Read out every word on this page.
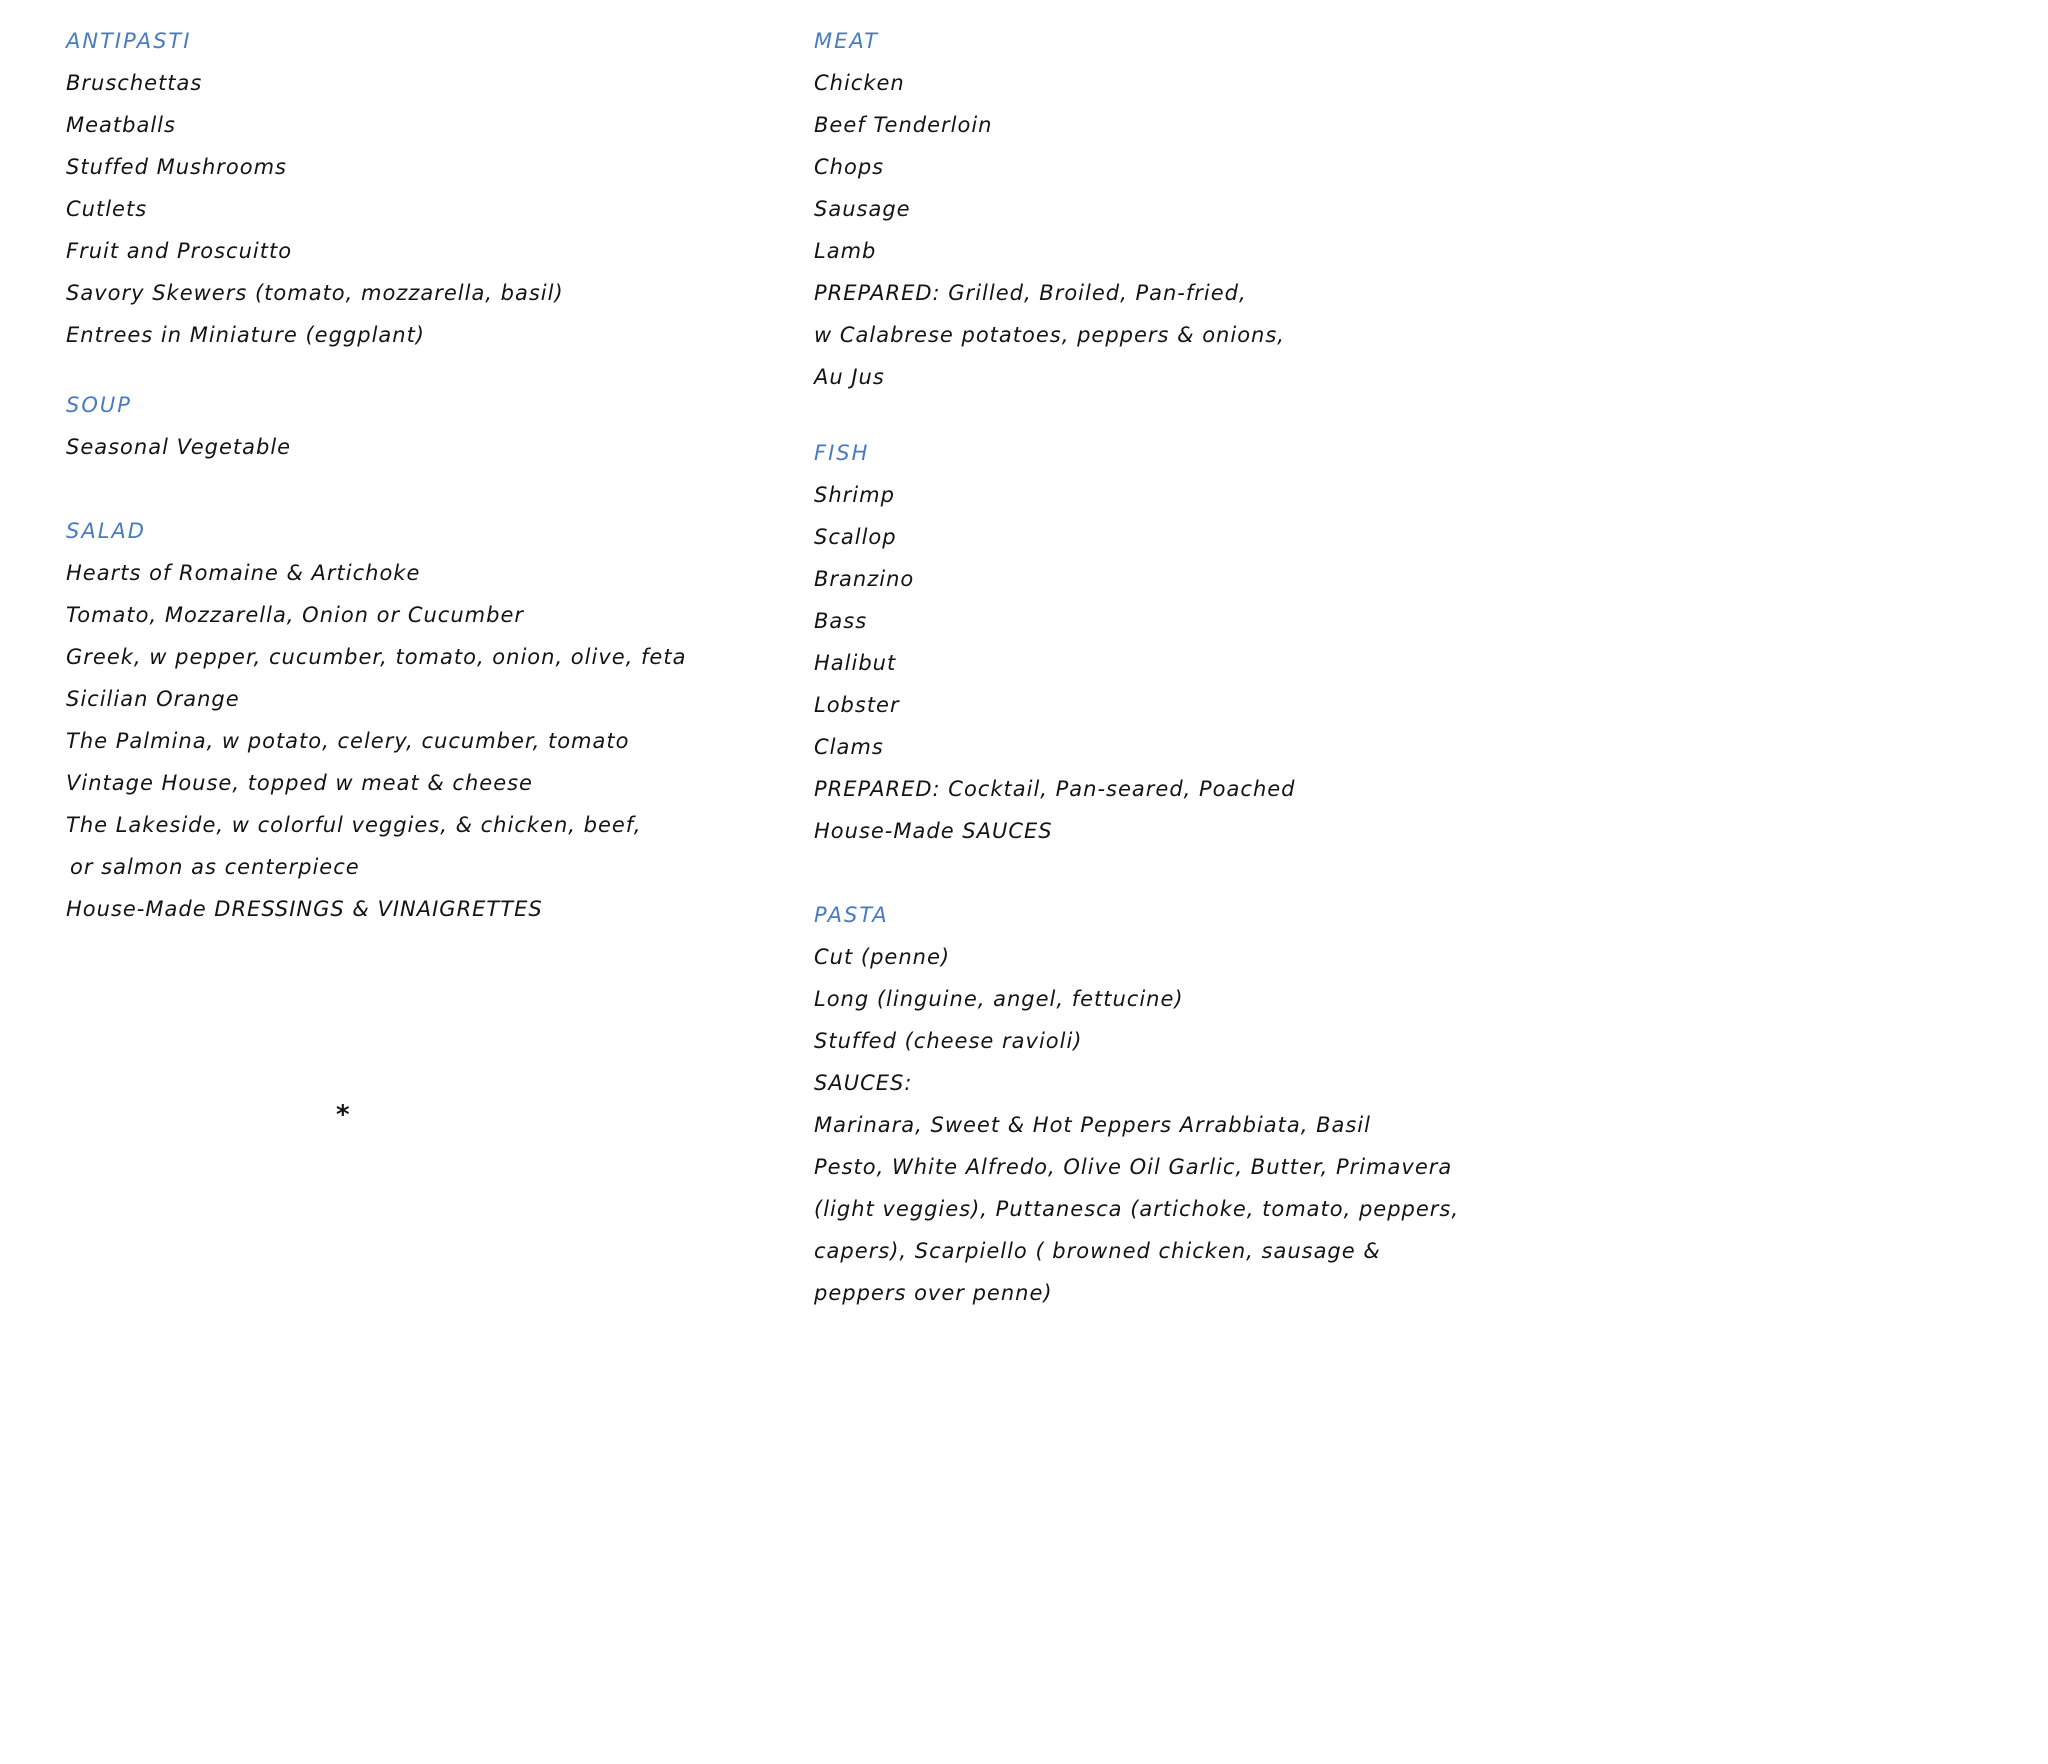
ANTIPASTI
Bruschettas
Meatballs
Stuffed Mushrooms
Cutlets
Fruit and Proscuitto
Savory Skewers (tomato, mozzarella, basil)
Entrees in Miniature (eggplant)
SOUP
Seasonal Vegetable
SALAD
Hearts of Romaine & Artichoke
Tomato, Mozzarella, Onion or Cucumber
Greek, w pepper, cucumber, tomato, onion, olive, feta
Sicilian Orange
The Palmina, w potato, celery, cucumber, tomato
Vintage House, topped w meat & cheese
The Lakeside, w colorful veggies, & chicken, beef,
or salmon as centerpiece
House-Made DRESSINGS & VINAIGRETTES
*
MEAT
Chicken
Beef Tenderloin
Chops
Sausage
Lamb
PREPARED: Grilled, Broiled, Pan-fried,
w Calabrese potatoes, peppers & onions,
Au Jus
FISH
Shrimp
Scallop
Branzino
Bass
Halibut
Lobster
Clams
PREPARED: Cocktail, Pan-seared, Poached
House-Made SAUCES
PASTA
Cut (penne)
Long (linguine, angel, fettucine)
Stuffed (cheese ravioli)
SAUCES:
Marinara, Sweet & Hot Peppers Arrabbiata, Basil
Pesto, White Alfredo, Olive Oil Garlic, Butter, Primavera
(light veggies), Puttanesca (artichoke, tomato, peppers,
capers), Scarpiello ( browned chicken, sausage &
peppers over penne)
